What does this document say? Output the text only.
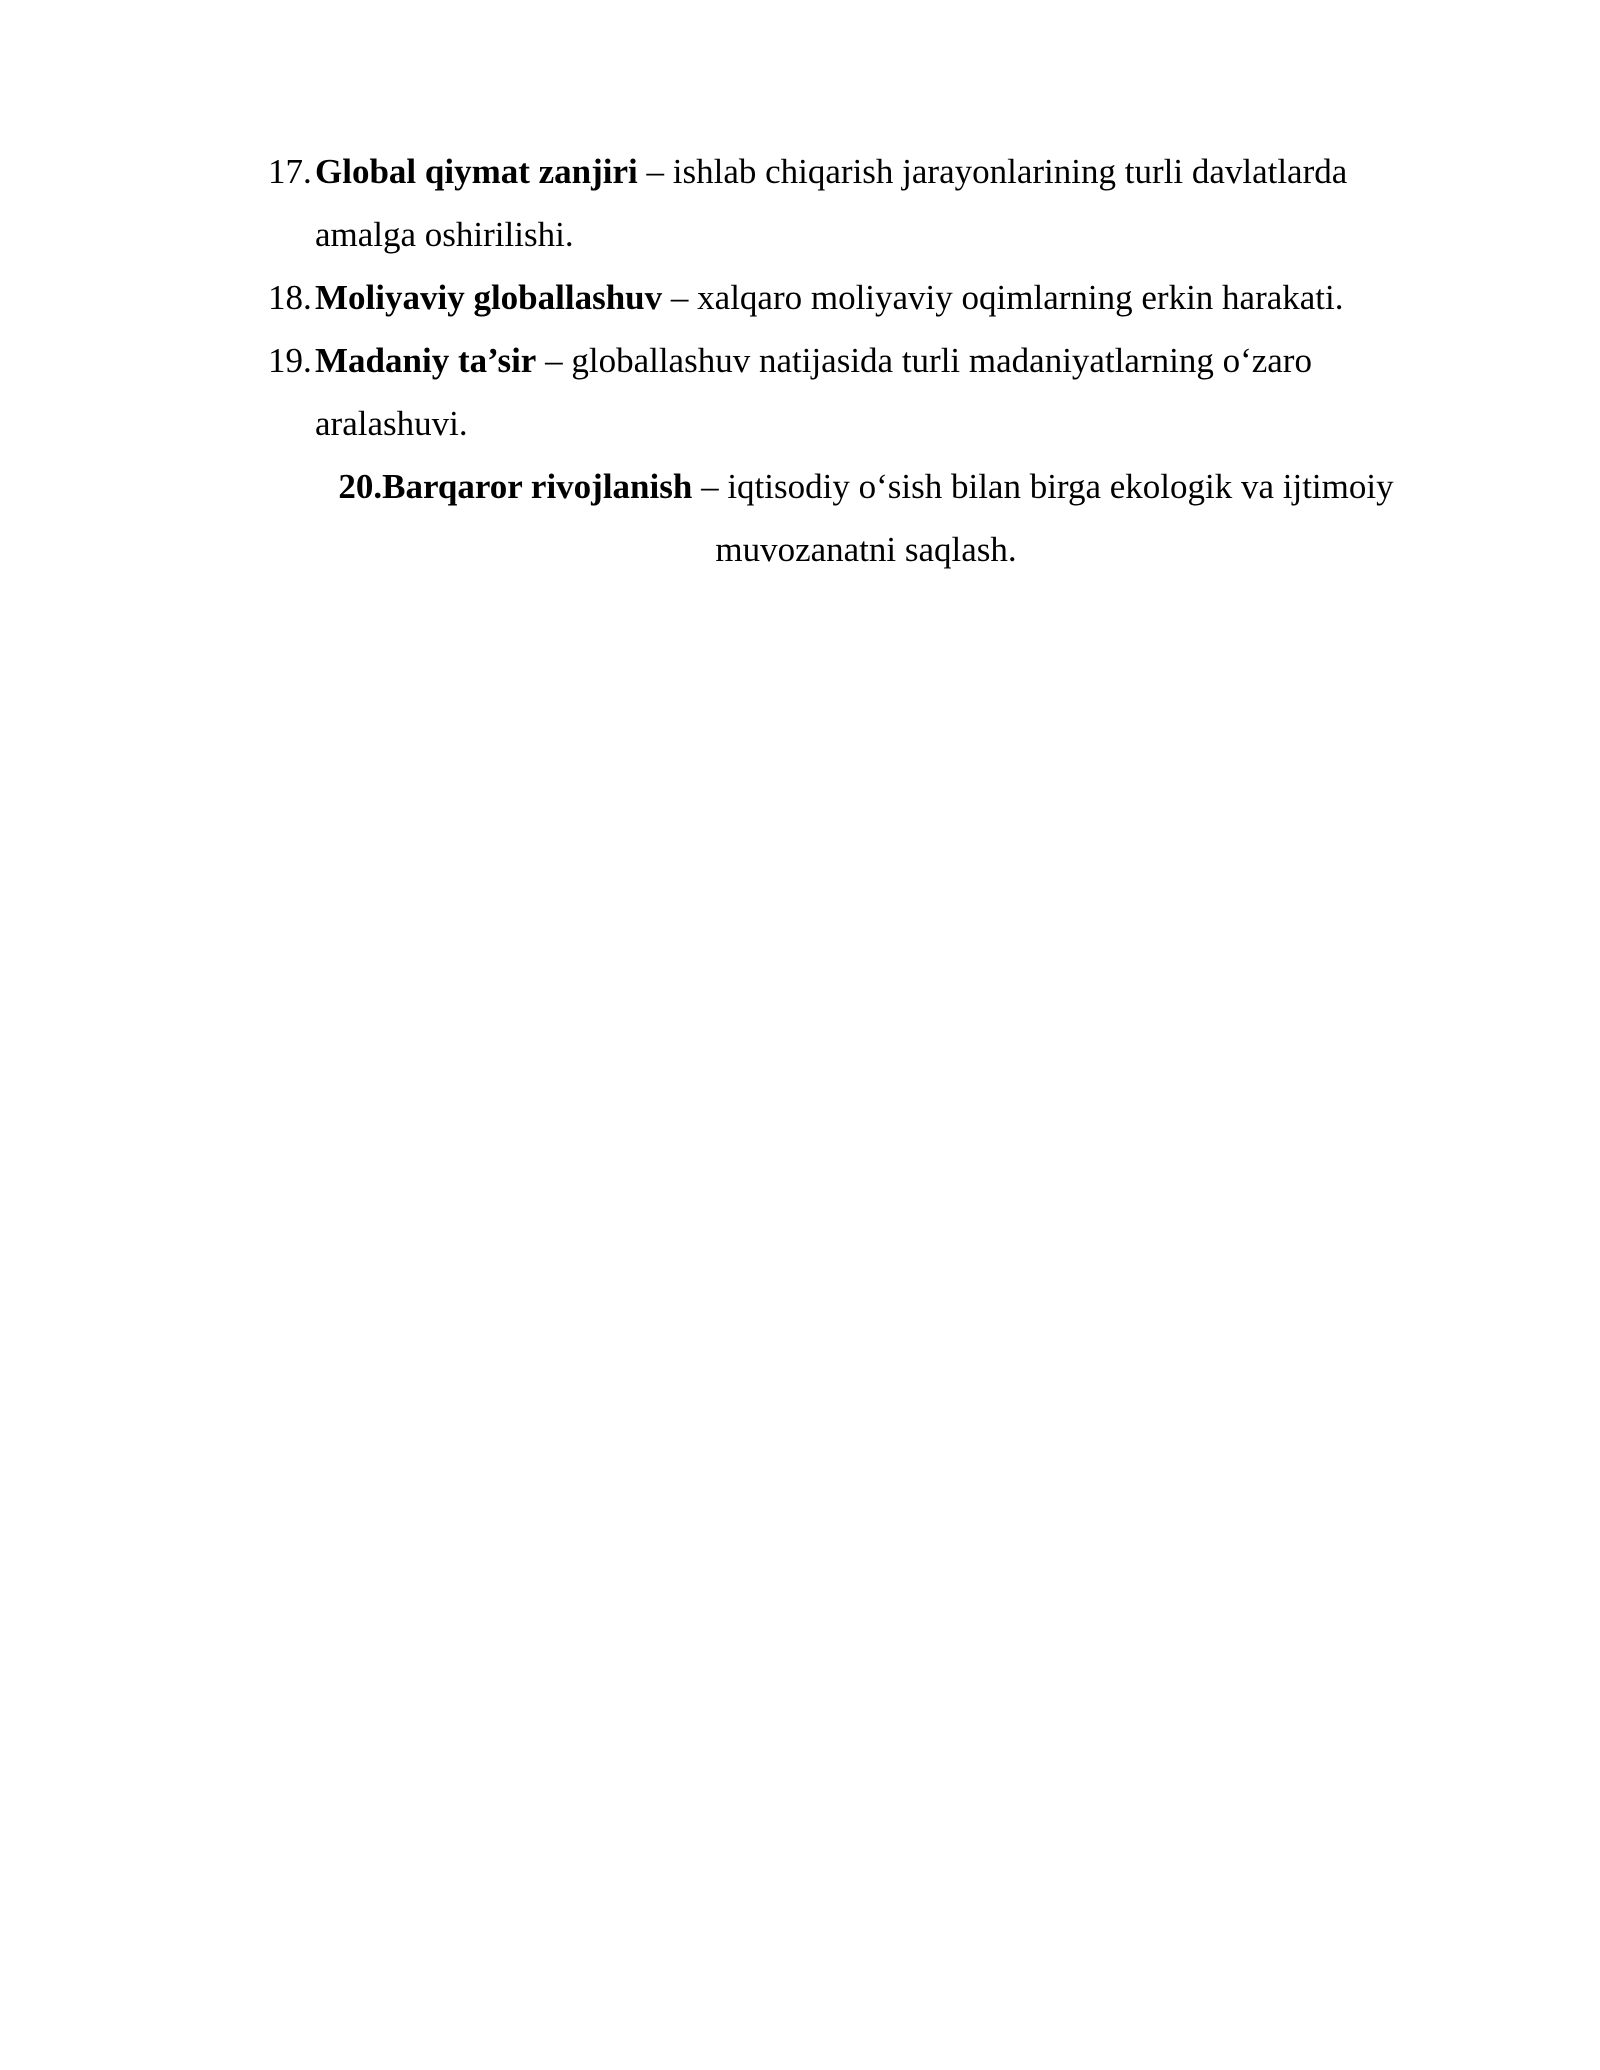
17. Global qiymat zanjiri – ishlab chiqarish jarayonlarining turli davlatlarda amalga oshirilishi.
18. Moliyaviy globallashuv – xalqaro moliyaviy oqimlarning erkin harakati.
19. Madaniy ta’sir – globallashuv natijasida turli madaniyatlarning o‘zaro aralashuvi.
20.Barqaror rivojlanish – iqtisodiy o‘sish bilan birga ekologik va ijtimoiy muvozanatni saqlash.
